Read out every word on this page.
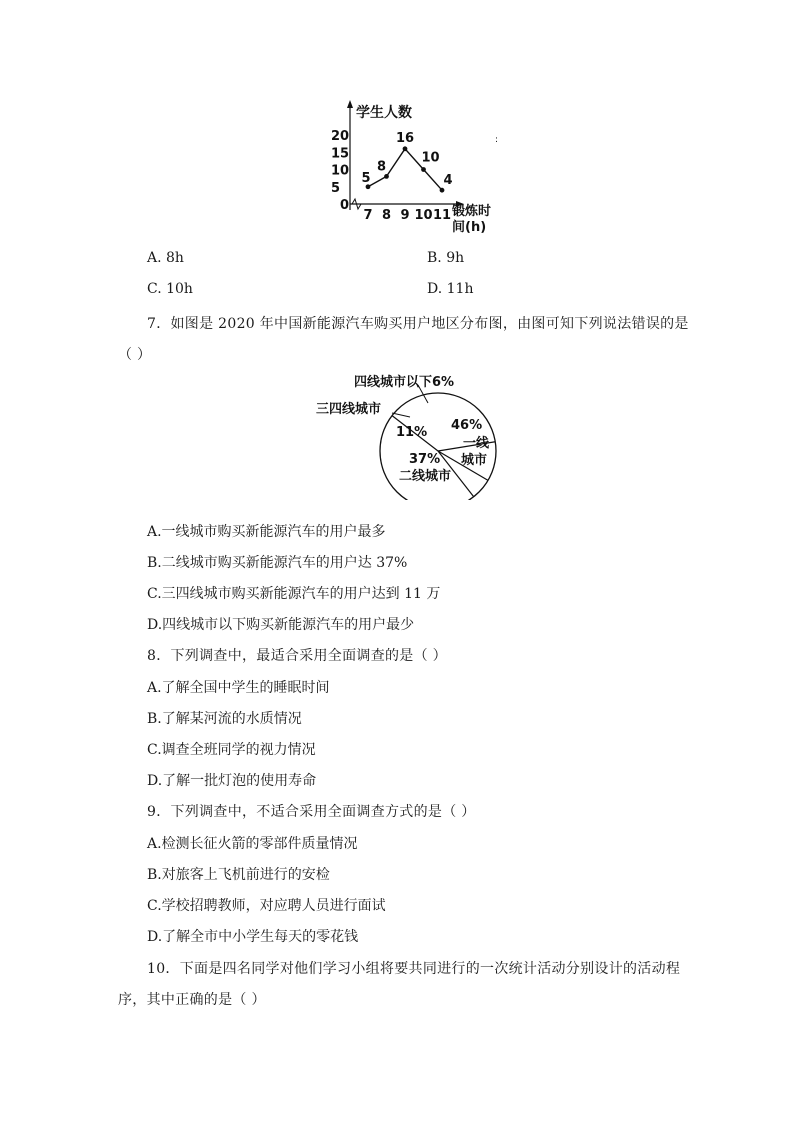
学生人数
0
5
10
15
20
7 8 9 10 11 锻炼时
间(h)
5
8
16
10
4
:
A. 8h	B. 9h
C. 10h	D. 11h
7．如图是 2020 年中国新能源汽车购买用户地区分布图，由图可知下列说法错误的是
（ ）
四线城市以下6%
三四线城市
11% 46%
一线
城市
37%
二线城市
A.一线城市购买新能源汽车的用户最多
B.二线城市购买新能源汽车的用户达 37%
C.三四线城市购买新能源汽车的用户达到 11 万
D.四线城市以下购买新能源汽车的用户最少
8．下列调查中，最适合采用全面调查的是（ ）
A.了解全国中学生的睡眠时间
B.了解某河流的水质情况
C.调查全班同学的视力情况
D.了解一批灯泡的使用寿命
9．下列调查中，不适合采用全面调查方式的是（ ）
A.检测长征火箭的零部件质量情况
B.对旅客上飞机前进行的安检
C.学校招聘教师，对应聘人员进行面试
D.了解全市中小学生每天的零花钱
10．下面是四名同学对他们学习小组将要共同进行的一次统计活动分别设计的活动程
序，其中正确的是（ ）
